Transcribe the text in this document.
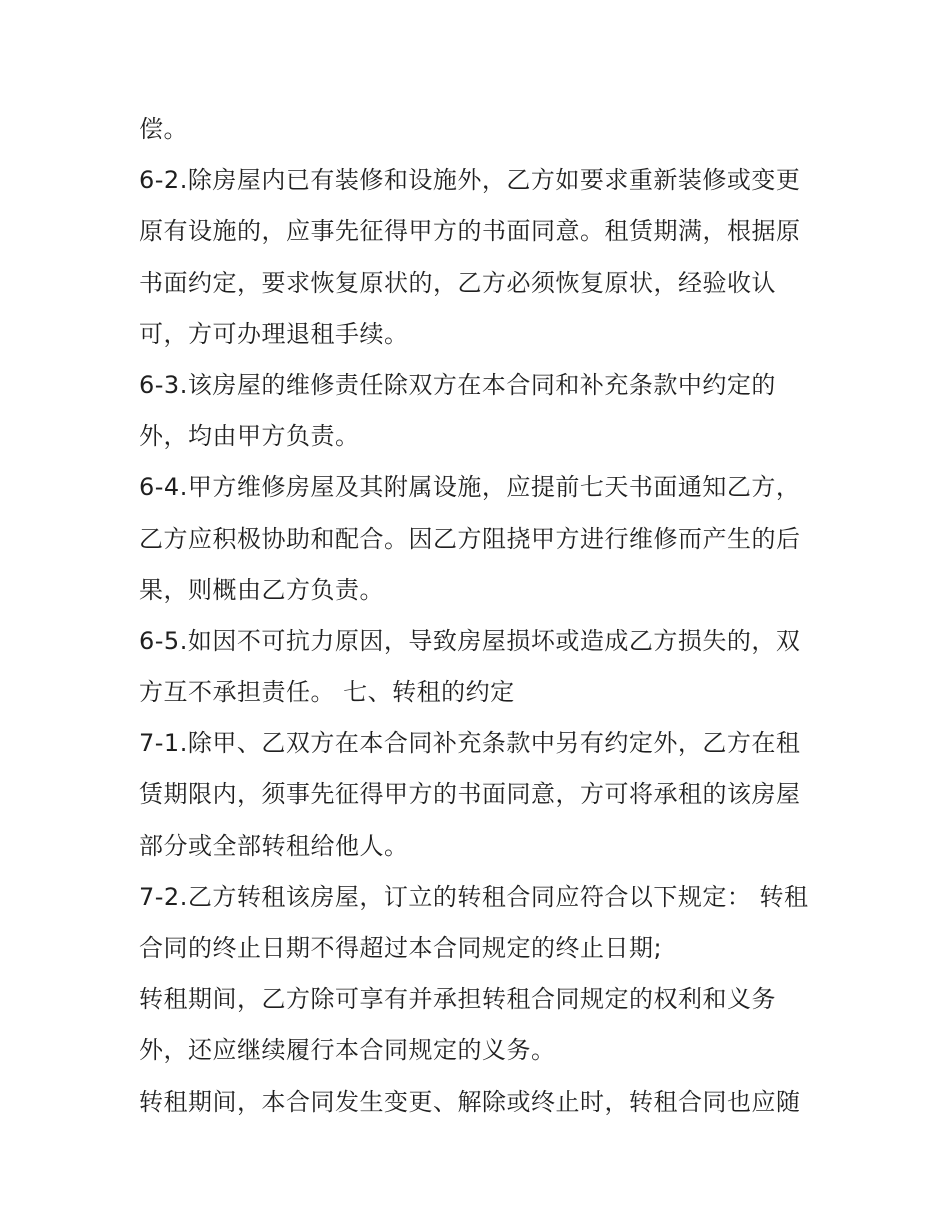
偿。
6-2.除房屋内已有装修和设施外，乙方如要求重新装修或变更
原有设施的，应事先征得甲方的书面同意。租赁期满，根据原
书面约定，要求恢复原状的，乙方必须恢复原状，经验收认
可，方可办理退租手续。
6-3.该房屋的维修责任除双方在本合同和补充条款中约定的
外，均由甲方负责。
6-4.甲方维修房屋及其附属设施，应提前七天书面通知乙方，
乙方应积极协助和配合。因乙方阻挠甲方进行维修而产生的后
果，则概由乙方负责。
6-5.如因不可抗力原因，导致房屋损坏或造成乙方损失的，双
方互不承担责任。 七、转租的约定
7-1.除甲、乙双方在本合同补充条款中另有约定外，乙方在租
赁期限内，须事先征得甲方的书面同意，方可将承租的该房屋
部分或全部转租给他人。
7-2.乙方转租该房屋，订立的转租合同应符合以下规定： 转租
合同的终止日期不得超过本合同规定的终止日期;
转租期间，乙方除可享有并承担转租合同规定的权利和义务
外，还应继续履行本合同规定的义务。
转租期间，本合同发生变更、解除或终止时，转租合同也应随
